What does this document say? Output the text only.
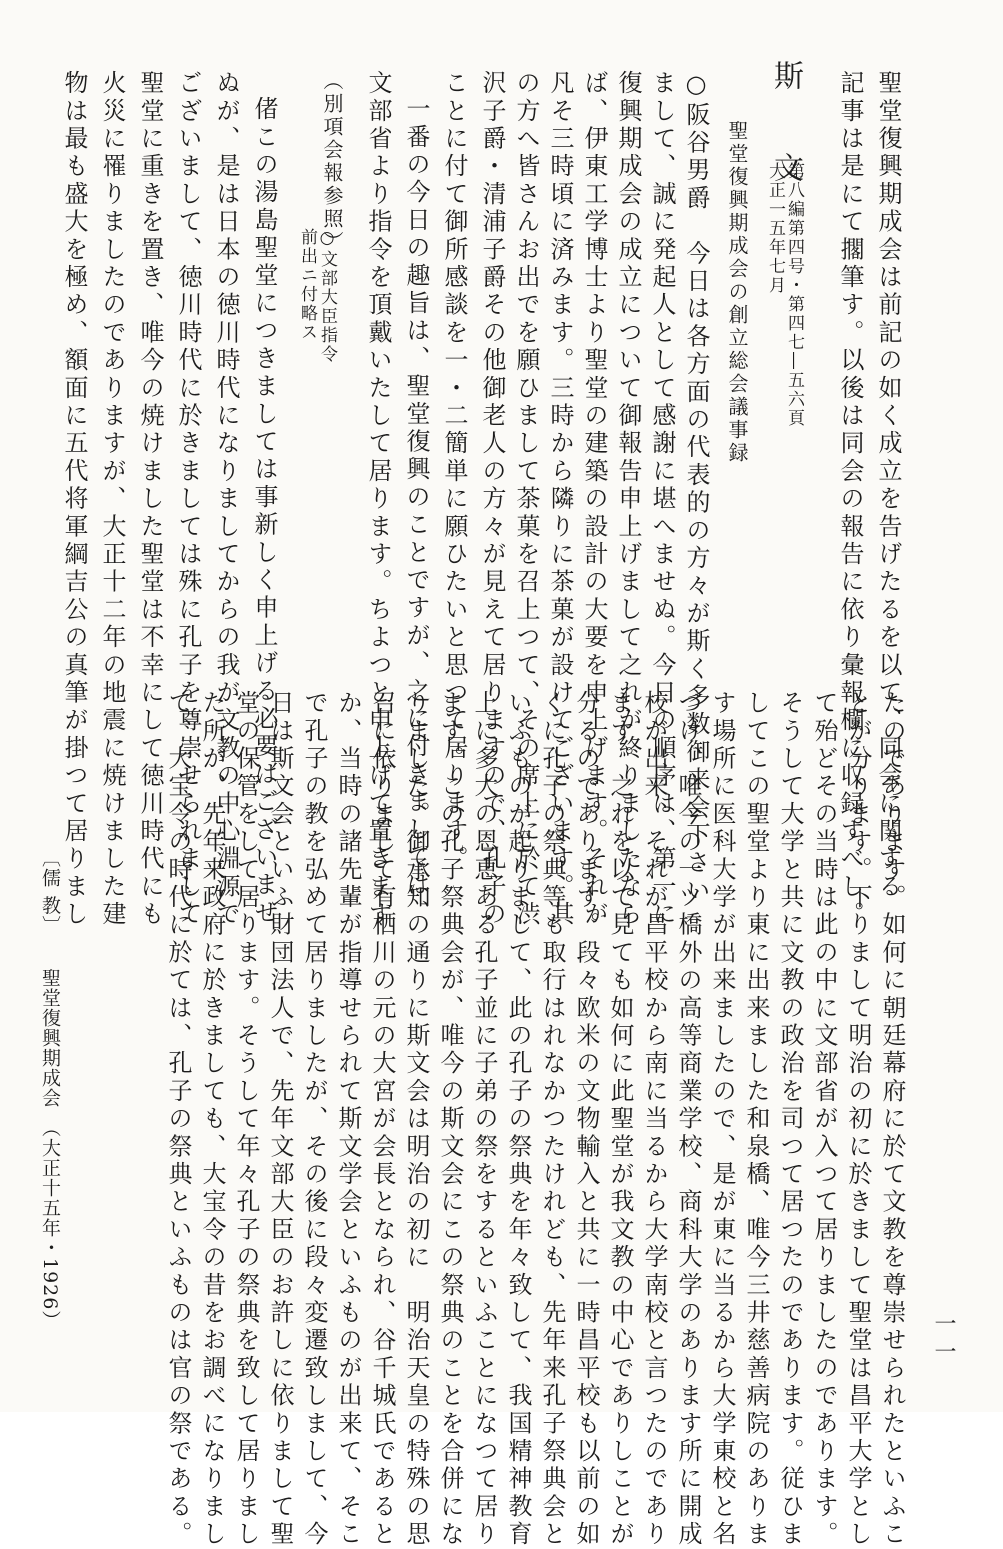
聖堂復興期成会は前記の如く成立を告げたるを以て、同会に関する
記事は是にて擱筆す。以後は同会の報告に依り彙報欄に収録すべし。
斯　文
第八編第四号・第四七―五六頁
大正一五年七月
聖堂復興期成会の創立総会議事録
○阪谷男爵　今日は各方面の代表的の方々が斯く多数御来会下さい
まして、誠に発起人として感謝に堪へませぬ。今日の順序は、第一に
復興期成会の成立について御報告申上げまして之れが終りましたなら
ば、伊東工学博士より聖堂の建築の設計の大要を申上げます。それが
凡そ三時頃に済みます。三時から隣りに茶菓が設けてございます。其
の方へ皆さんお出でを願ひまして茶菓を召上つて、その席上に於て渋
沢子爵・清浦子爵その他御老人の方々が見えて居りますので、孔子の
ことに付て御所感談を一・二簡単に願ひたいと思つて居ります。
一番の今日の趣旨は、聖堂復興のことですが、之に付きましては、
文部省より指令を頂戴いたして居ります。ちよつと申上げて置きます
（別項会報参照）
○文部大臣指令
前出ニ付略ス
偖この湯島聖堂につきましては事新しく申上げる必要はございませ
ぬが、是は日本の徳川時代になりましてからの我が文教の中心淵源で
ございまして、徳川時代に於きましては殊に孔子を尊崇せられまして
聖堂に重きを置き、唯今の焼けました聖堂は不幸にして徳川時代にも
火災に罹りましたのでありますが、大正十二年の地震に焼けました建
物は最も盛大を極め、額面に五代将軍綱吉公の真筆が掛つて居りまし
たのであります。如何に朝廷幕府に於て文教を尊崇せられたといふこ
とが分ります。下りまして明治の初に於きまして聖堂は昌平大学とし
て殆どその当時は此の中に文部省が入つて居りましたのであります。
そうして大学と共に文教の政治を司つて居つたのであります。従ひま
してこの聖堂より東に出来ました和泉橋、唯今三井慈善病院のありま
す場所に医科大学が出来ましたので、是が東に当るから大学東校と名
づけ、唯今の一ツ橋外の高等商業学校、商科大学のあります所に開成
校が出来、それが昌平校から南に当るから大学南校と言つたのであり
ます。之れを以て見ても如何に此聖堂が我文教の中心でありしことが
分るのであります。段々欧米の文物輸入と共に一時昌平校も以前の如
くに孔子の祭典等も取行はれなかつたけれども、先年来孔子祭典会と
いふものが起りまして、此の孔子の祭典を年々致して、我国精神教育
上に多大の恩恵ある孔子並に子弟の祭をするといふことになつて居り
ます。この孔子祭典会が、唯今の斯文会にこの祭典のことを合併にな
りました。御承知の通りに斯文会は明治の初に　明治天皇の特殊の思
召に依りまして有栖川の元の大宮が会長となられ、谷千城氏であると
か、当時の諸先輩が指導せられて斯文学会といふものが出来て、そこ
で孔子の教を弘めて居りましたが、その後に段々変遷致しまして、今
日は斯文会といふ財団法人で、先年文部大臣のお許しに依りまして聖
堂の保管をして居ります。そうして年々孔子の祭典を致して居りまし
た所が、先年来政府に於きましても、大宝令の昔をお調べになりまし
て、大宝令の時代に於ては、孔子の祭典といふものは官の祭である。
〔儒 教〕
聖堂復興期成会
（大正十五年・1926）
一一
